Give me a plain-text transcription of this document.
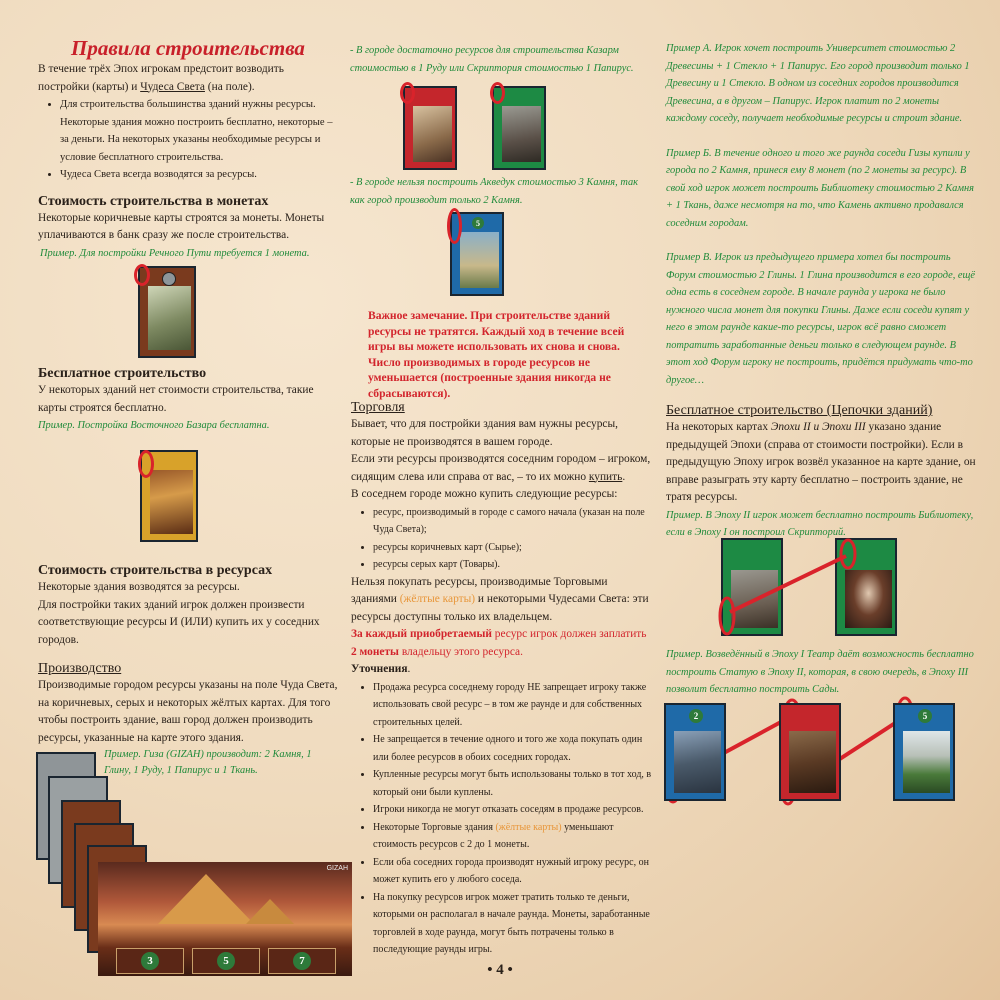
Правила строительства
В течение трёх Эпох игрокам предстоит возводить постройки (карты) и Чудеса Света (на поле).
• Для строительства большинства зданий нужны ресурсы. Некоторые здания можно построить бесплатно, некоторые – за деньги. На некоторых указаны необходимые ресурсы и условие бесплатного строительства.
• Чудеса Света всегда возводятся за ресурсы.
Стоимость строительства в монетах
Некоторые коричневые карты строятся за монеты. Монеты уплачиваются в банк сразу же после строительства.
Пример. Для постройки Речного Пути требуется 1 монета.
Бесплатное строительство
У некоторых зданий нет стоимости строительства, такие карты строятся бесплатно.
Пример. Постройка Восточного Базара бесплатна.
Стоимость строительства в ресурсах
Некоторые здания возводятся за ресурсы.
Для постройки таких зданий игрок должен произвести соответствующие ресурсы И (ИЛИ) купить их у соседних городов.
Производство
Производимые городом ресурсы указаны на поле Чуда Света, на коричневых, серых и некоторых жёлтых картах. Для того чтобы построить здание, ваш город должен производить ресурсы, указанные на карте этого здания.
Пример. Гиза (GIZAH) производит: 2 Камня, 1 Глину, 1 Руду, 1 Папирус и 1 Ткань.
GIZAH
3	5	7
- В городе достаточно ресурсов для строительства Казарм стоимостью в 1 Руду или Скриптория стоимостью 1 Папирус.
- В городе нельзя построить Акведук стоимостью 3 Камня, так как город производит только 2 Камня.
5
Важное замечание. При строительстве зданий ресурсы не тратятся. Каждый ход в течение всей игры вы можете использовать их снова и снова. Число производимых в городе ресурсов не уменьшается (построенные здания никогда не сбрасываются).
Торговля
Бывает, что для постройки здания вам нужны ресурсы, которые не производятся в вашем городе.
Если эти ресурсы производятся соседним городом – игроком, сидящим слева или справа от вас, – то их можно купить.
В соседнем городе можно купить следующие ресурсы:
• ресурс, производимый в городе с самого начала (указан на поле Чуда Света);
• ресурсы коричневых карт (Сырье);
• ресурсы серых карт (Товары).
Нельзя покупать ресурсы, производимые Торговыми зданиями (жёлтые карты) и некоторыми Чудесами Света: эти ресурсы доступны только их владельцем.
За каждый приобретаемый ресурс игрок должен заплатить 2 монеты владельцу этого ресурса.
Уточнения.
• Продажа ресурса соседнему городу НЕ запрещает игроку также использовать свой ресурс – в том же раунде и для собственных строительных целей.
• Не запрещается в течение одного и того же хода покупать один или более ресурсов в обоих соседних городах.
• Купленные ресурсы могут быть использованы только в тот ход, в который они были куплены.
• Игроки никогда не могут отказать соседям в продаже ресурсов.
• Некоторые Торговые здания (жёлтые карты) уменьшают стоимость ресурсов с 2 до 1 монеты.
• Если оба соседних города производят нужный игроку ресурс, он может купить его у любого соседа.
• На покупку ресурсов игрок может тратить только те деньги, которыми он располагал в начале раунда. Монеты, заработанные торговлей в ходе раунда, могут быть потрачены только в последующие раунды игры.
• 4 •
Пример А. Игрок хочет построить Университет стоимостью 2 Древесины + 1 Стекло + 1 Папирус. Его город производит только 1 Древесину и 1 Стекло. В одном из соседних городов производится Древесина, а в другом – Папирус. Игрок платит по 2 монеты каждому соседу, получает необходимые ресурсы и строит здание.
Пример Б. В течение одного и того же раунда соседи Гизы купили у города по 2 Камня, принеся ему 8 монет (по 2 монеты за ресурс). В свой ход игрок может построить Библиотеку стоимостью 2 Камня + 1 Ткань, даже несмотря на то, что Камень активно продавался соседним городам.
Пример В. Игрок из предыдущего примера хотел бы построить Форум стоимостью 2 Глины. 1 Глина производится в его городе, ещё одна есть в соседнем городе. В начале раунда у игрока не было нужного числа монет для покупки Глины. Даже если соседи купят у него в этом раунде какие-то ресурсы, игрок всё равно сможет потратить заработанные деньги только в следующем раунде. В этот ход Форум игроку не построить, придётся придумать что-то другое…
Бесплатное строительство (Цепочки зданий)
На некоторых картах Эпохи II и Эпохи III указано здание предыдущей Эпохи (справа от стоимости постройки). Если в предыдущую Эпоху игрок возвёл указанное на карте здание, он вправе разыграть эту карту бесплатно – построить здание, не тратя ресурсы.
Пример. В Эпоху II игрок может бесплатно построить Библиотеку, если в Эпоху I он построил Скрипторий.
Пример. Возведённый в Эпоху I Театр даёт возможность бесплатно построить Статую в Эпоху II, которая, в свою очередь, в Эпоху III позволит бесплатно построить Сады.
2	5
